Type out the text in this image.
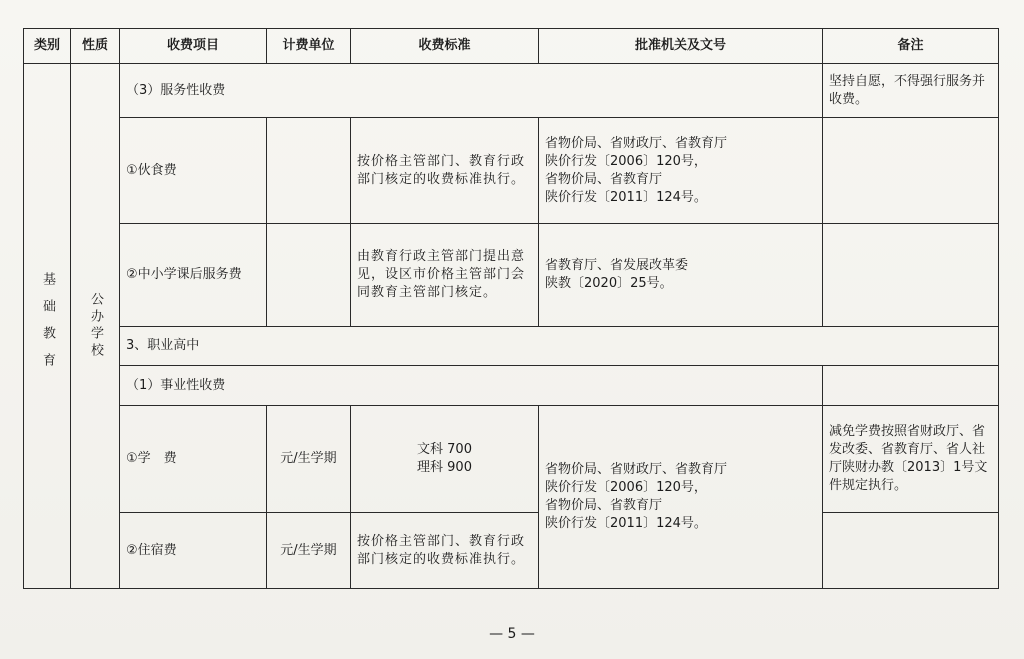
类别	性质	收费项目	计费单位	收费标准	批准机关及文号	备注

基础教育	公办学校	（3）服务性收费				坚持自愿，不得强行服务并收费。
		①伙食费		按价格主管部门、教育行政部门核定的收费标准执行。	省物价局、省财政厅、省教育厅
陕价行发〔2006〕120号，
省物价局、省教育厅
陕价行发〔2011〕124号。	
		②中小学课后服务费		由教育行政主管部门提出意见，设区市价格主管部门会同教育主管部门核定。	省教育厅、省发展改革委
陕教〔2020〕25号。	
		3、职业高中				
		（1）事业性收费				
		①学　费	元/生学期	文科 700
理科 900	省物价局、省财政厅、省教育厅
陕价行发〔2006〕120号，
省物价局、省教育厅
陕价行发〔2011〕124号。	减免学费按照省财政厅、省发改委、省教育厅、省人社厅陕财办教〔2013〕1号文件规定执行。
		②住宿费	元/生学期	按价格主管部门、教育行政部门核定的收费标准执行。		
— 5 —
